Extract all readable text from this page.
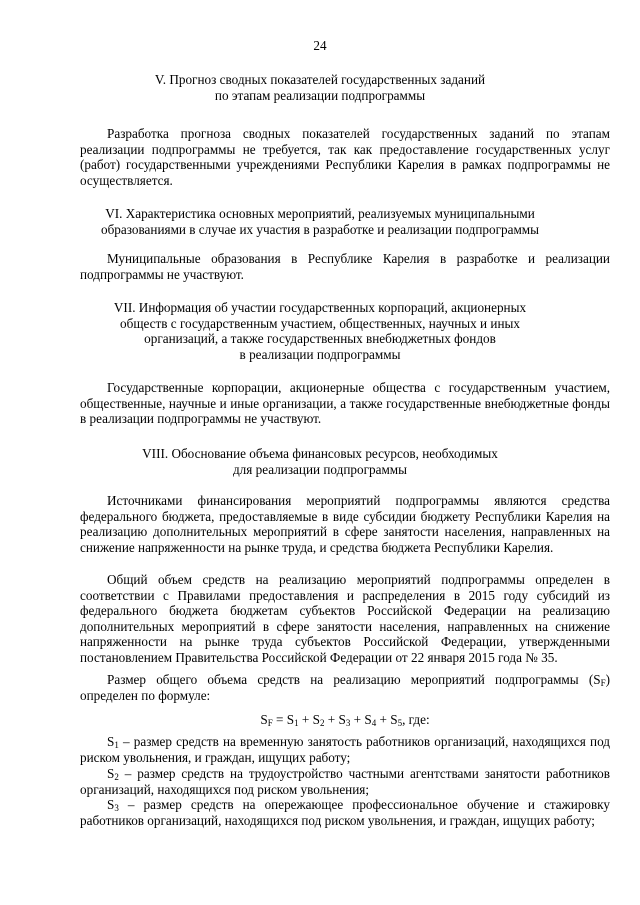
24
V. Прогноз сводных показателей государственных заданий
по этапам реализации подпрограммы
Разработка прогноза сводных показателей государственных заданий по этапам реализации подпрограммы не требуется, так как предоставление государственных услуг (работ) государственными учреждениями Республики Карелия в рамках подпрограммы не осуществляется.
VI. Характеристика основных мероприятий, реализуемых муниципальными
образованиями в случае их участия в разработке и реализации подпрограммы
Муниципальные образования в Республике Карелия в разработке и реализации подпрограммы не участвуют.
VII. Информация об участии государственных корпораций, акционерных
обществ с государственным участием, общественных, научных и иных
организаций, а также государственных внебюджетных фондов
в реализации подпрограммы
Государственные корпорации, акционерные общества с государственным участием, общественные, научные и иные организации, а также государственные внебюджетные фонды в реализации подпрограммы не участвуют.
VIII. Обоснование объема финансовых ресурсов, необходимых
для реализации подпрограммы
Источниками финансирования мероприятий подпрограммы являются средства федерального бюджета, предоставляемые в виде субсидии бюджету Республики Карелия на реализацию дополнительных мероприятий в сфере занятости населения, направленных на снижение напряженности на рынке труда, и средства бюджета Республики Карелия.
Общий объем средств на реализацию мероприятий подпрограммы определен в соответствии с Правилами предоставления и распределения в 2015 году субсидий из федерального бюджета бюджетам субъектов Российской Федерации на реализацию дополнительных мероприятий в сфере занятости населения, направленных на снижение напряженности на рынке труда субъектов Российской Федерации, утвержденными постановлением Правительства Российской Федерации от 22 января 2015 года № 35.
Размер общего объема средств на реализацию мероприятий подпрограммы $(S_F)$ определен по формуле:
$S_F = S_1 + S_2 + S_3 + S_4 + S_5$, где:
$S_1$ – размер средств на временную занятость работников организаций, находящихся под риском увольнения, и граждан, ищущих работу;
$S_2$ – размер средств на трудоустройство частными агентствами занятости работников организаций, находящихся под риском увольнения;
$S_3$ – размер средств на опережающее профессиональное обучение и стажировку работников организаций, находящихся под риском увольнения, и граждан, ищущих работу;
